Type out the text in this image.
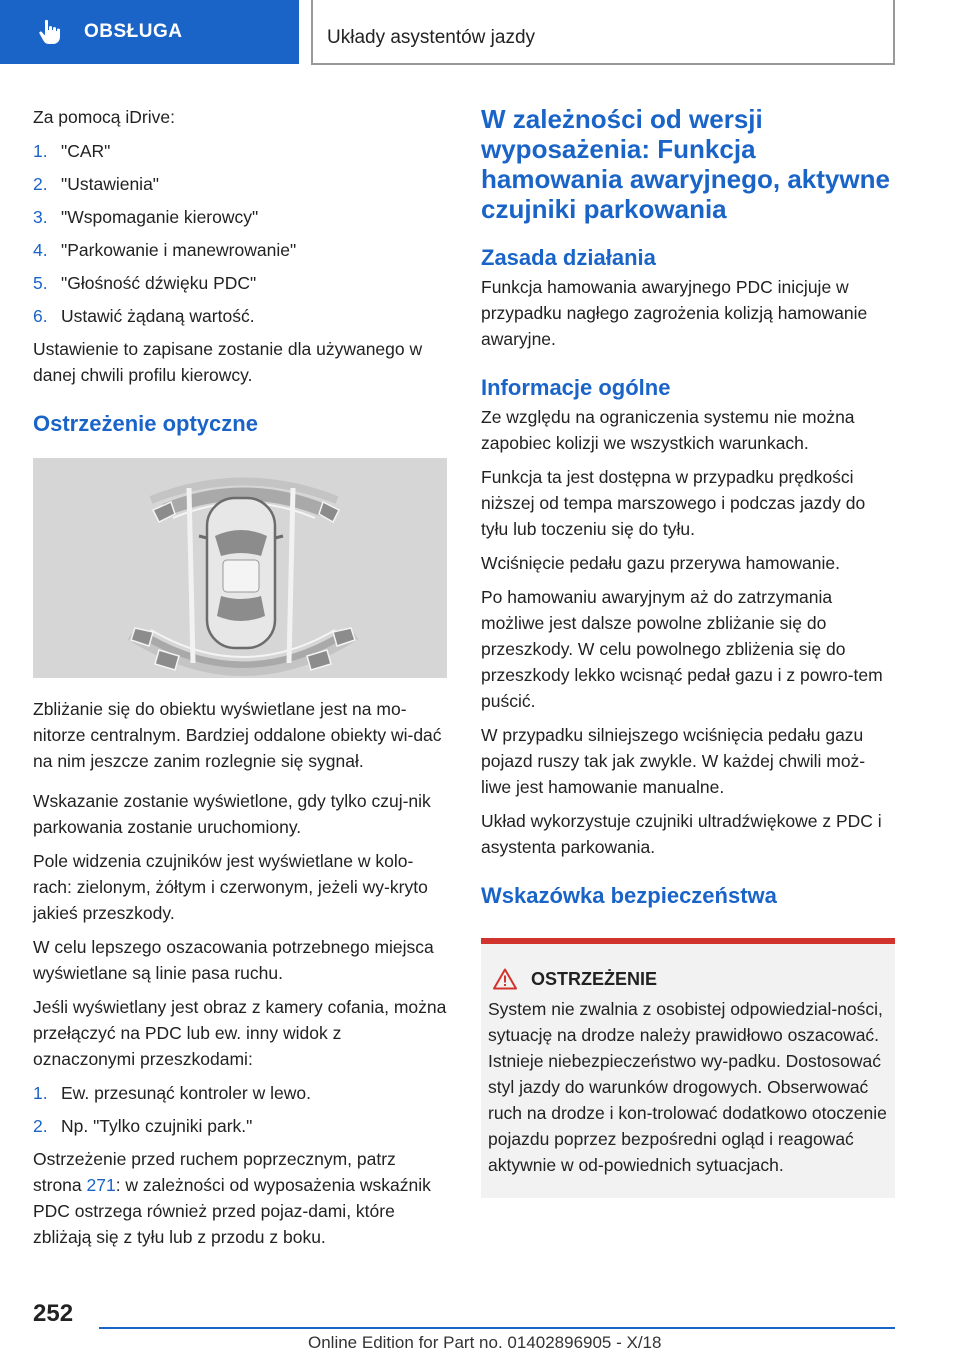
OBSŁUGA	Układy asystentów jazdy

Za pomocą iDrive:

1. "CAR"
2. "Ustawienia"
3. "Wspomaganie kierowcy"
4. "Parkowanie i manewrowanie"
5. "Głośność dźwięku PDC"
6. Ustawić żądaną wartość.

Ustawienie to zapisane zostanie dla używanego w danej chwili profilu kierowcy.

Ostrzeżenie optyczne

Zbliżanie się do obiektu wyświetlane jest na mo-nitorze centralnym. Bardziej oddalone obiekty wi-dać na nim jeszcze zanim rozlegnie się sygnał.

Wskazanie zostanie wyświetlone, gdy tylko czuj-nik parkowania zostanie uruchomiony.

Pole widzenia czujników jest wyświetlane w kolo-rach: zielonym, żółtym i czerwonym, jeżeli wy-kryto jakieś przeszkody.

W celu lepszego oszacowania potrzebnego miejsca wyświetlane są linie pasa ruchu.

Jeśli wyświetlany jest obraz z kamery cofania, można przełączyć na PDC lub ew. inny widok z oznaczonymi przeszkodami:

1. Ew. przesunąć kontroler w lewo.
2. Np. "Tylko czujniki park."

Ostrzeżenie przed ruchem poprzecznym, patrz strona 271: w zależności od wyposażenia wskaźnik PDC ostrzega również przed pojaz-dami, które zbliżają się z tyłu lub z przodu z boku.

W zależności od wersji wyposażenia: Funkcja hamowania awaryjnego, aktywne czujniki parkowania
Zasada działania

Funkcja hamowania awaryjnego PDC inicjuje w przypadku nagłego zagrożenia kolizją hamowanie awaryjne.

Informacje ogólne

Ze względu na ograniczenia systemu nie można zapobiec kolizji we wszystkich warunkach.

Funkcja ta jest dostępna w przypadku prędkości niższej od tempa marszowego i podczas jazdy do tyłu lub toczeniu się do tyłu.

Wciśnięcie pedału gazu przerywa hamowanie.

Po hamowaniu awaryjnym aż do zatrzymania możliwe jest dalsze powolne zbliżanie się do przeszkody. W celu powolnego zbliżenia się do przeszkody lekko wcisnąć pedał gazu i z powro-tem puścić.

W przypadku silniejszego wciśnięcia pedału gazu pojazd ruszy tak jak zwykle. W każdej chwili moż-liwe jest hamowanie manualne.

Układ wykorzystuje czujniki ultradźwiękowe z PDC i asystenta parkowania.

Wskazówka bezpieczeństwa
OSTRZEŻENIE

System nie zwalnia z osobistej odpowiedzial-ności, sytuację na drodze należy prawidłowo oszacować. Istnieje niebezpieczeństwo wy-padku. Dostosować styl jazdy do warunków drogowych. Obserwować ruch na drodze i kon-trolować dodatkowo otoczenie pojazdu poprzez bezpośredni ogląd i reagować aktywnie w od-powiednich sytuacjach.

252
Online Edition for Part no. 01402896905 - X/18
